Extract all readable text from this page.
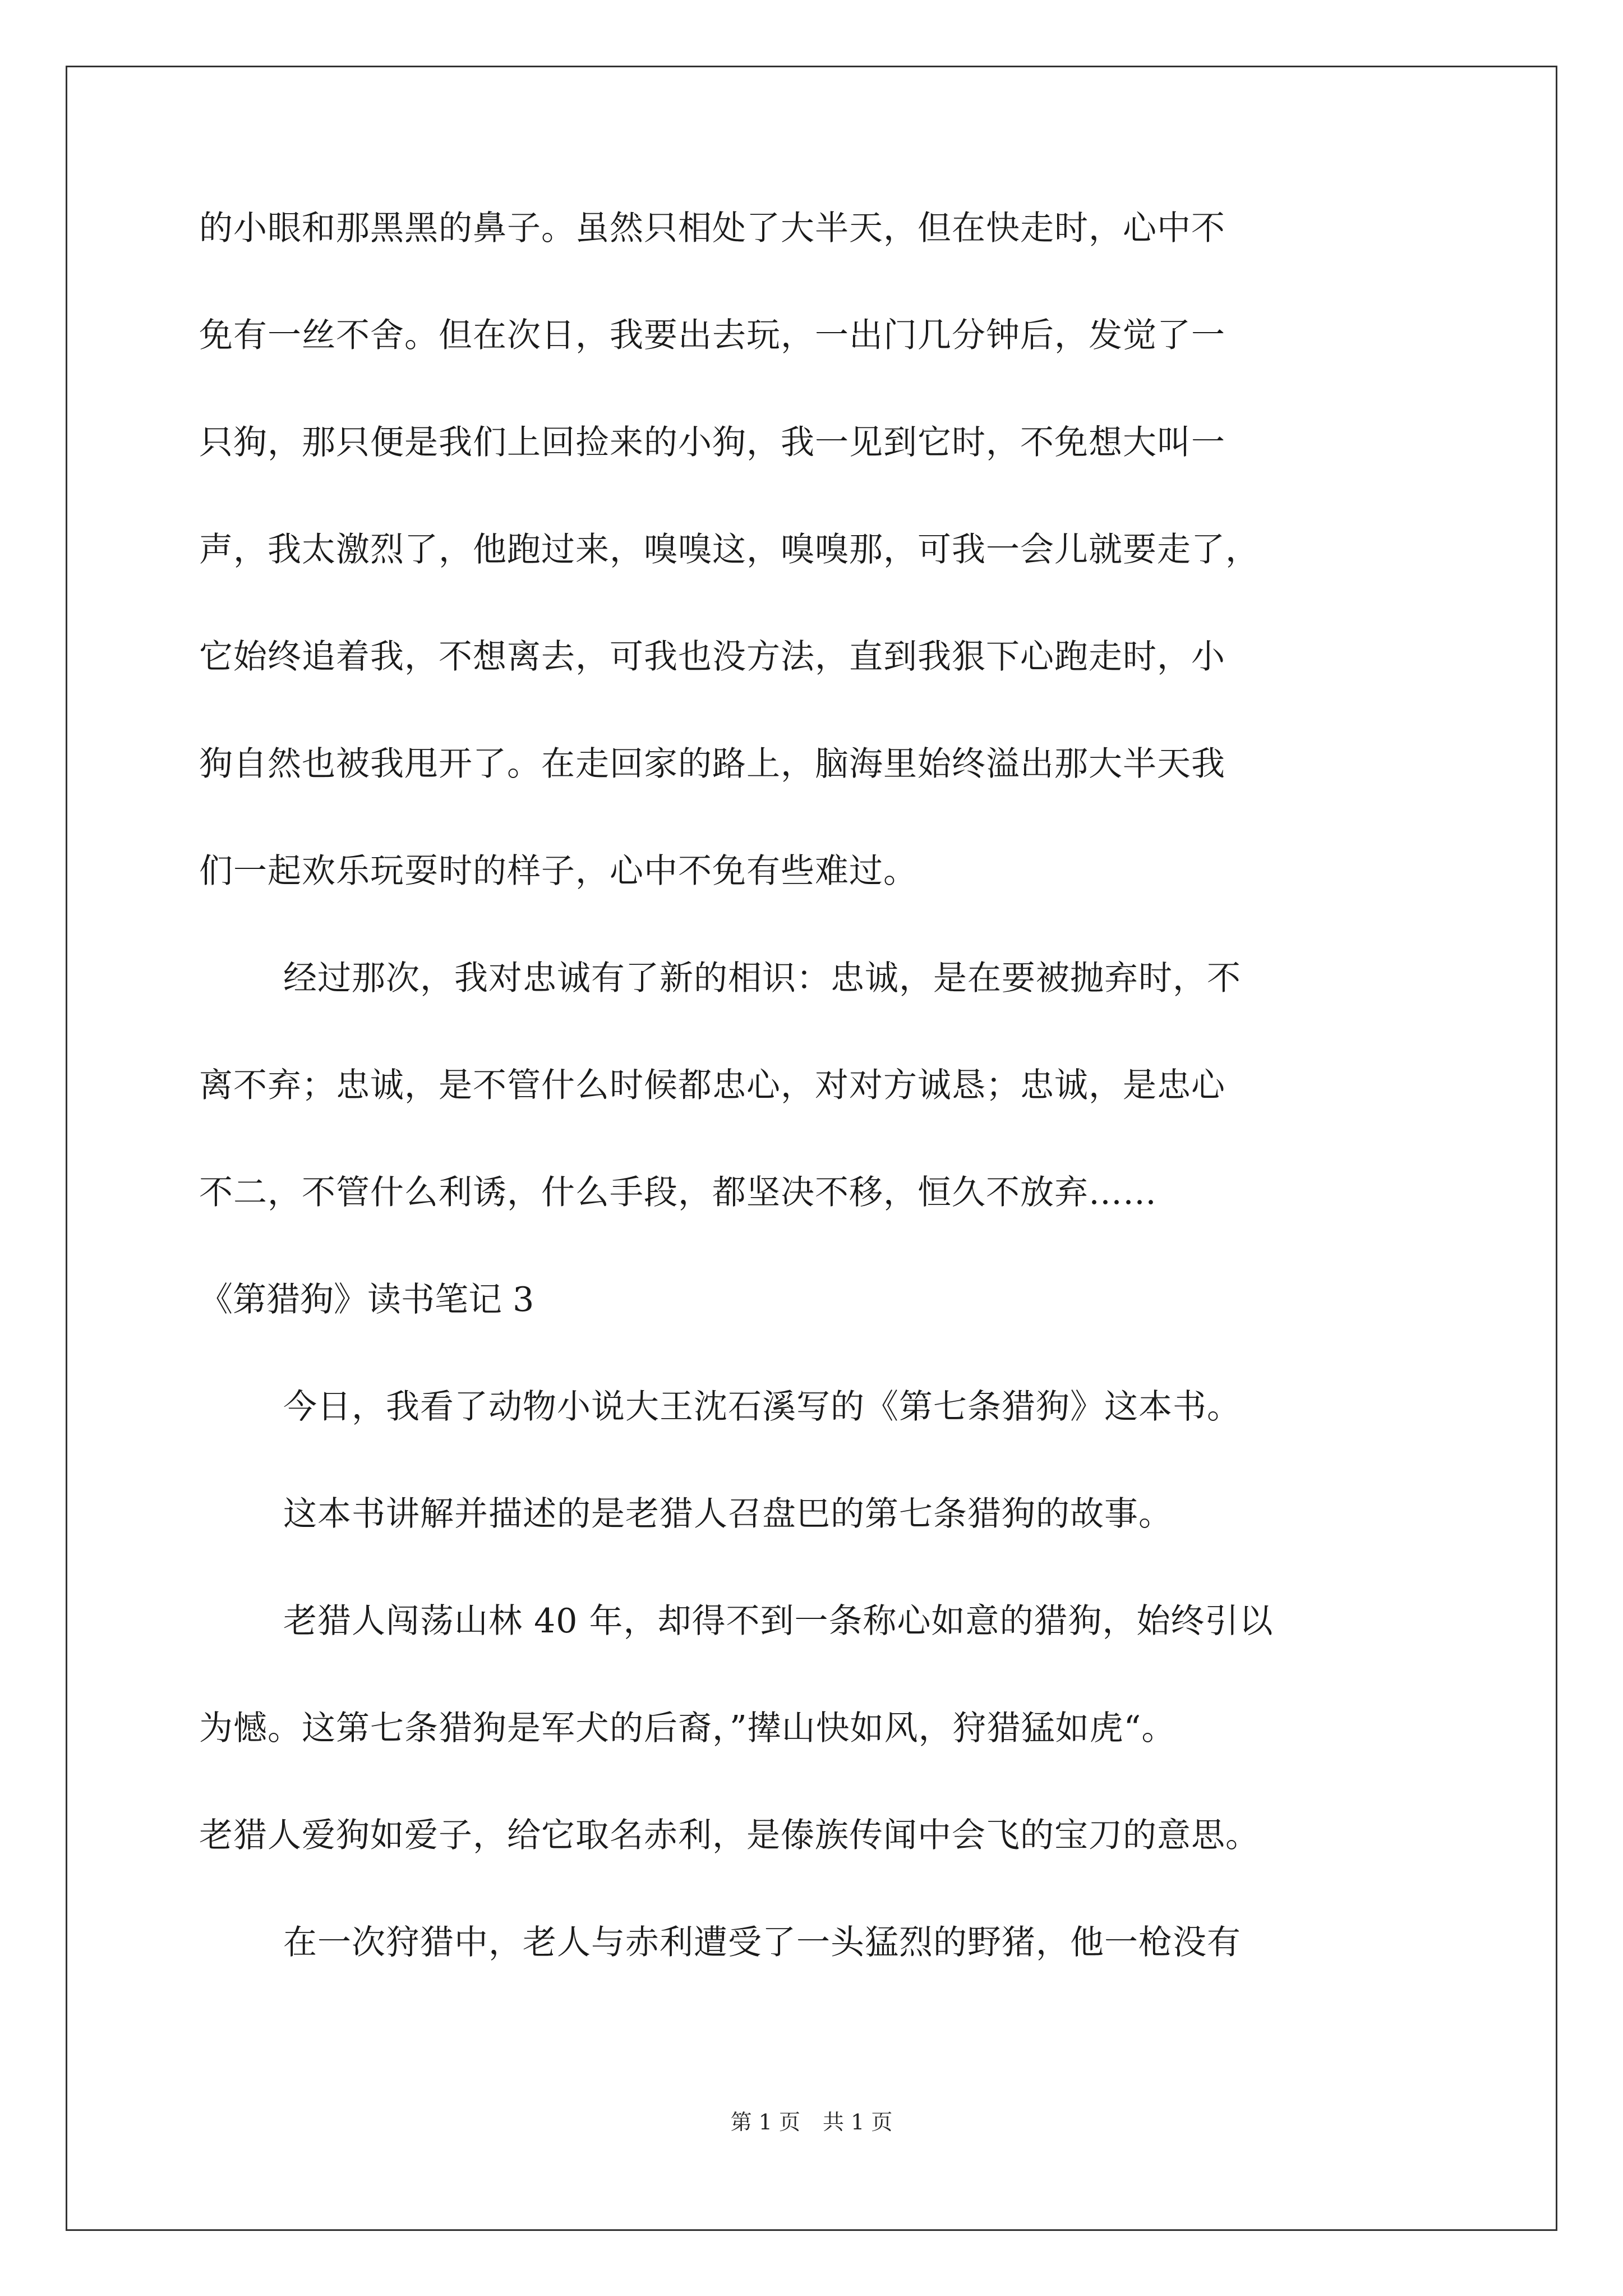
的小眼和那黑黑的鼻子。虽然只相处了大半天，但在快走时，心中不
免有一丝不舍。但在次日，我要出去玩，一出门几分钟后，发觉了一
只狗，那只便是我们上回捡来的小狗，我一见到它时，不免想大叫一
声，我太激烈了，他跑过来，嗅嗅这，嗅嗅那，可我一会儿就要走了，
它始终追着我，不想离去，可我也没方法，直到我狠下心跑走时，小
狗自然也被我甩开了。在走回家的路上，脑海里始终溢出那大半天我
们一起欢乐玩耍时的样子，心中不免有些难过。
经过那次，我对忠诚有了新的相识：忠诚，是在要被抛弃时，不
离不弃；忠诚，是不管什么时候都忠心，对对方诚恳；忠诚，是忠心
不二，不管什么利诱，什么手段，都坚决不移，恒久不放弃……
《第猎狗》读书笔记 3
今日，我看了动物小说大王沈石溪写的《第七条猎狗》这本书。
这本书讲解并描述的是老猎人召盘巴的第七条猎狗的故事。
老猎人闯荡山林 40 年，却得不到一条称心如意的猎狗，始终引以
为憾。这第七条猎狗是军犬的后裔，”撵山快如风，狩猎猛如虎“。
老猎人爱狗如爱子，给它取名赤利，是傣族传闻中会飞的宝刀的意思。
在一次狩猎中，老人与赤利遭受了一头猛烈的野猪，他一枪没有
第 1 页 共 1 页
